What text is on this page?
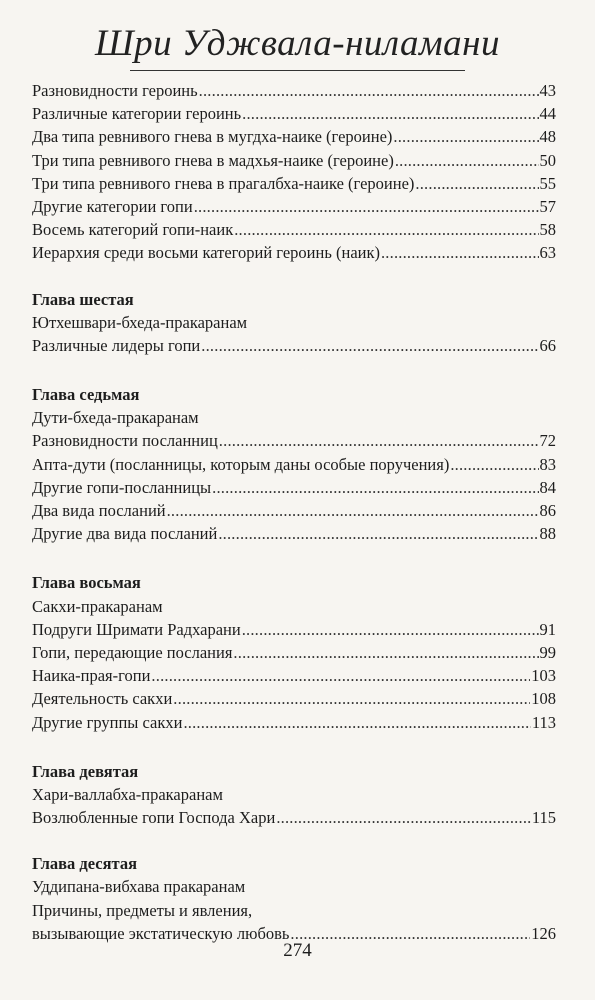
Шри Уджвала-ниламани
Разновидности героинь .....	43
Различные категории героинь .....	44
Два типа ревнивого гнева в мугдха-наике (героине) .....	48
Три типа ревнивого гнева в мадхья-наике (героине) .....	50
Три типа ревнивого гнева в прагалбха-наике (героине) .....	55
Другие категории гопи .....	57
Восемь категорий гопи-наик .....	58
Иерархия среди восьми категорий героинь (наик) .....	63
Глава шестая
Ютхешвари-бхеда-пракаранам
Различные лидеры гопи .....	66
Глава седьмая
Дути-бхеда-пракаранам
Разновидности посланниц .....	72
Апта-дути (посланницы, которым даны особые поручения) .....	83
Другие гопи-посланницы .....	84
Два вида посланий .....	86
Другие два вида посланий .....	88
Глава восьмая
Сакхи-пракаранам
Подруги Шримати Радхарани .....	91
Гопи, передающие послания .....	99
Наика-прая-гопи .....	103
Деятельность сакхи .....	108
Другие группы сакхи .....	113
Глава девятая
Хари-валлабха-пракаранам
Возлюбленные гопи Господа Хари .....	115
Глава десятая
Уддипана-вибхава пракаранам
Причины, предметы и явления,
вызывающие экстатическую любовь .....	126
274
